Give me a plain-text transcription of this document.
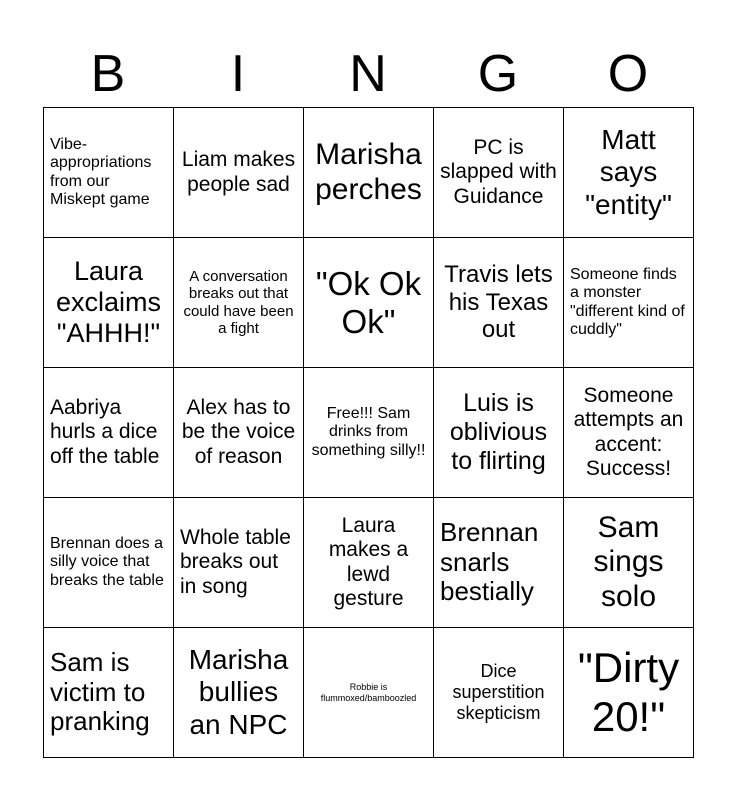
B	I	N	G	O
Vibe-appropriations from our Miskept game	Liam makes people sad	Marisha perches	PC is slapped with Guidance	Matt says "entity"
Laura exclaims "AHHH!"	A conversation breaks out that could have been a fight	"Ok Ok Ok"	Travis lets his Texas out	Someone finds a monster "different kind of cuddly"
Aabriya hurls a dice off the table	Alex has to be the voice of reason	Free!!! Sam drinks from something silly!!	Luis is oblivious to flirting	Someone attempts an accent: Success!
Brennan does a silly voice that breaks the table	Whole table breaks out in song	Laura makes a lewd gesture	Brennan snarls bestially	Sam sings solo
Sam is victim to pranking	Marisha bullies an NPC	Robbie is flummoxed/bamboozled	Dice superstition skepticism	"Dirty 20!"
